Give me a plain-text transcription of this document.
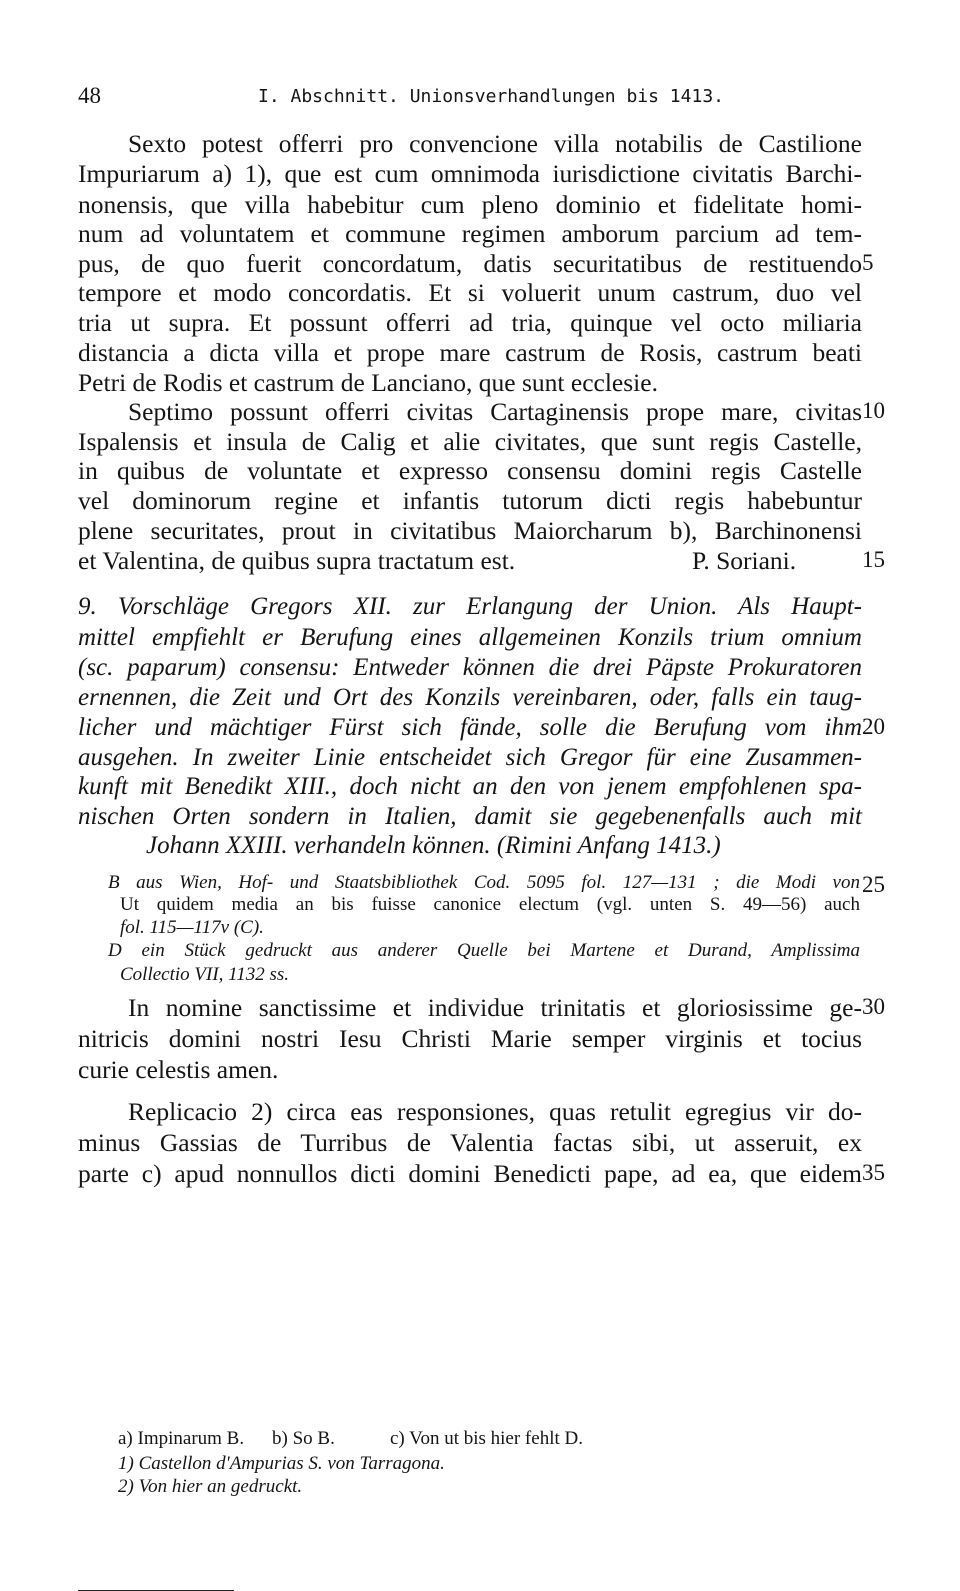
48	I. Abschnitt. Unionsverhandlungen bis 1413.
Sexto potest offerri pro convencione villa notabilis de Castilione
Impuriarum a) 1), que est cum omnimoda iurisdictione civitatis Barchi-
nonensis, que villa habebitur cum pleno dominio et fidelitate homi-
num ad voluntatem et commune regimen amborum parcium ad tem-
pus, de quo fuerit concordatum, datis securitatibus de restituendo
tempore et modo concordatis. Et si voluerit unum castrum, duo vel
tria ut supra. Et possunt offerri ad tria, quinque vel octo miliaria
distancia a dicta villa et prope mare castrum de Rosis, castrum beati
Petri de Rodis et castrum de Lanciano, que sunt ecclesie.
Septimo possunt offerri civitas Cartaginensis prope mare, civitas
Ispalensis et insula de Calig et alie civitates, que sunt regis Castelle,
in quibus de voluntate et expresso consensu domini regis Castelle
vel dominorum regine et infantis tutorum dicti regis habebuntur
plene securitates, prout in civitatibus Maiorcharum b), Barchinonensi
et Valentina, de quibus supra tractatum est.	P. Soriani.
9. Vorschläge Gregors XII. zur Erlangung der Union. Als Haupt-
mittel empfiehlt er Berufung eines allgemeinen Konzils trium omnium
(sc. paparum) consensu: Entweder können die drei Päpste Prokuratoren
ernennen, die Zeit und Ort des Konzils vereinbaren, oder, falls ein taug-
licher und mächtiger Fürst sich fände, solle die Berufung vom ihm
ausgehen. In zweiter Linie entscheidet sich Gregor für eine Zusammen-
kunft mit Benedikt XIII., doch nicht an den von jenem empfohlenen spa-
nischen Orten sondern in Italien, damit sie gegebenenfalls auch mit
Johann XXIII. verhandeln können. (Rimini Anfang 1413.)
B aus Wien, Hof- und Staatsbibliothek Cod. 5095 fol. 127—131 ; die Modi von
Ut quidem media an bis fuisse canonice electum (vgl. unten S. 49—56) auch
fol. 115—117v (C).
D ein Stück gedruckt aus anderer Quelle bei Martene et Durand, Amplissima
Collectio VII, 1132 ss.
In nomine sanctissime et individue trinitatis et gloriosissime ge-
nitricis domini nostri Iesu Christi Marie semper virginis et tocius
curie celestis amen.
Replicacio 2) circa eas responsiones, quas retulit egregius vir do-
minus Gassias de Turribus de Valentia factas sibi, ut asseruit, ex
parte c) apud nonnullos dicti domini Benedicti pape, ad ea, que eidem
5
10
15
20
25
30
35
a) Impinarum B. b) So B.	c) Von ut bis hier fehlt D.
1) Castellon d'Ampurias S. von Tarragona.
2) Von hier an gedruckt.
